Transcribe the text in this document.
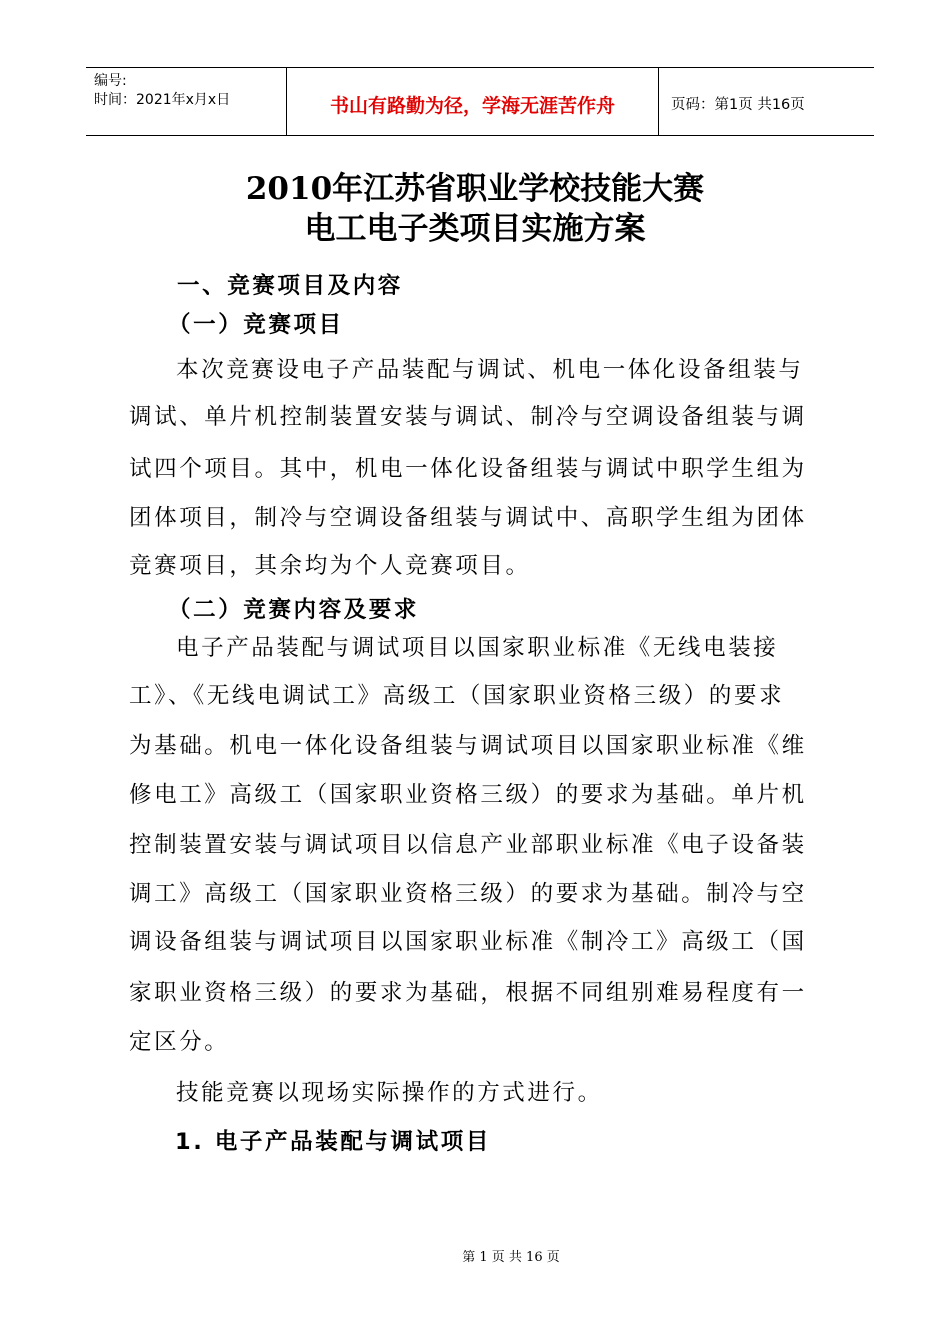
编号:
时间：2021年x月x日	书山有路勤为径，学海无涯苦作舟	页码：第1页 共16页
2010年江苏省职业学校技能大赛
电工电子类项目实施方案
一、竞赛项目及内容
（一）竞赛项目
本次竞赛设电子产品装配与调试、机电一体化设备组装与
调试、单片机控制装置安装与调试、制冷与空调设备组装与调
试四个项目。其中，机电一体化设备组装与调试中职学生组为
团体项目，制冷与空调设备组装与调试中、高职学生组为团体
竞赛项目，其余均为个人竞赛项目。
（二）竞赛内容及要求
电子产品装配与调试项目以国家职业标准《无线电装接
工》、《无线电调试工》高级工（国家职业资格三级）的要求
为基础。机电一体化设备组装与调试项目以国家职业标准《维
修电工》高级工（国家职业资格三级）的要求为基础。单片机
控制装置安装与调试项目以信息产业部职业标准《电子设备装
调工》高级工（国家职业资格三级）的要求为基础。制冷与空
调设备组装与调试项目以国家职业标准《制冷工》高级工（国
家职业资格三级）的要求为基础，根据不同组别难易程度有一
定区分。
技能竞赛以现场实际操作的方式进行。
1. 电子产品装配与调试项目
第 1 页 共 16 页
